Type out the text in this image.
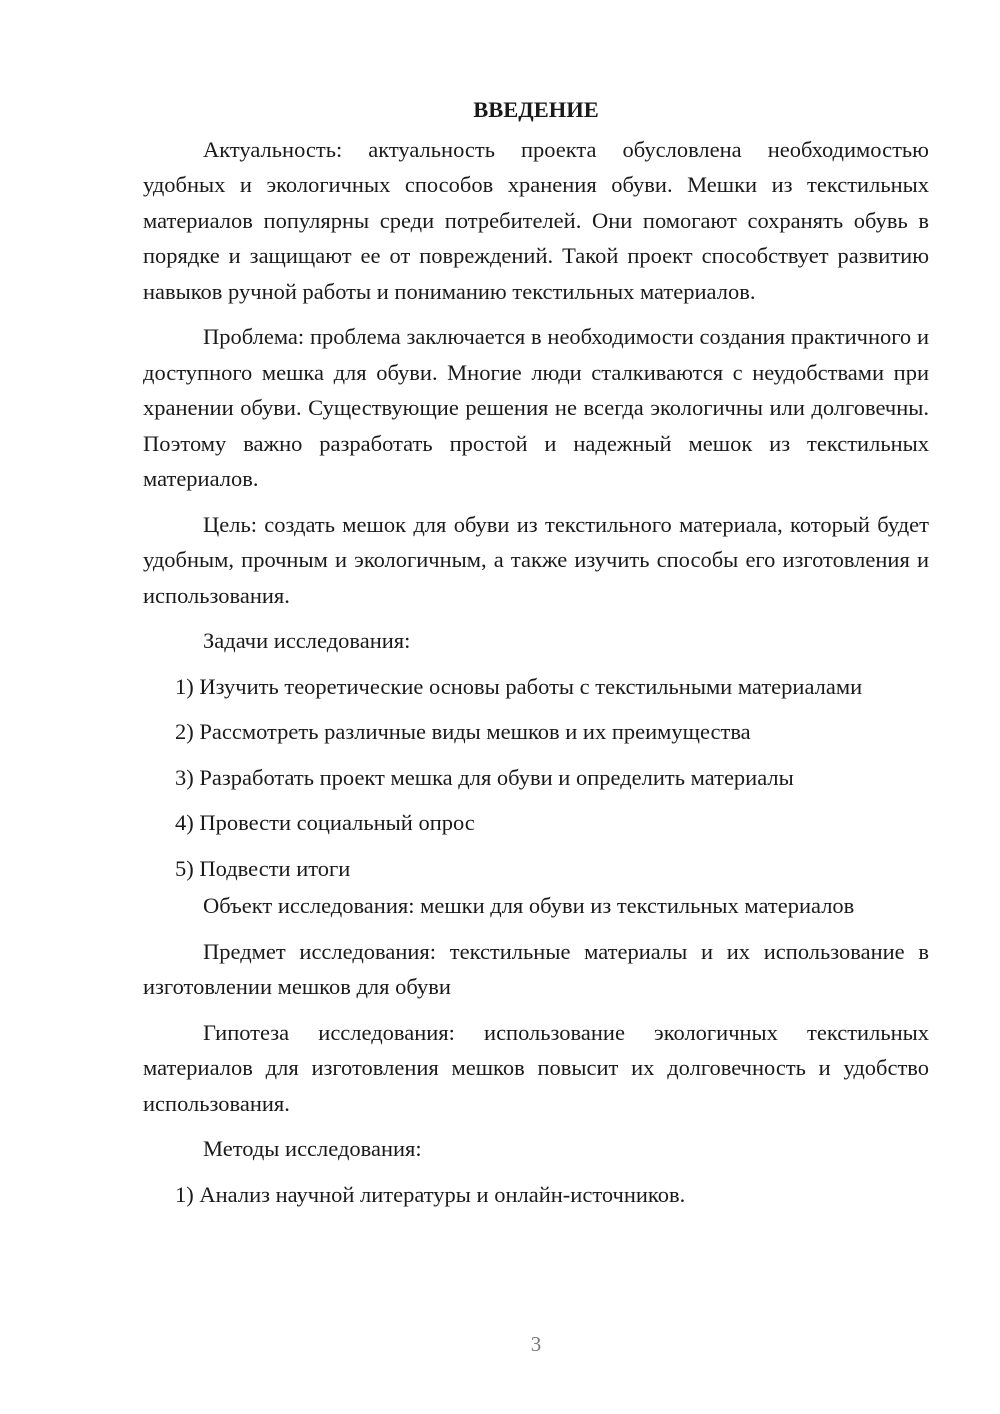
ВВЕДЕНИЕ

Актуальность: актуальность проекта обусловлена необходимостью удобных и экологичных способов хранения обуви. Мешки из текстильных материалов популярны среди потребителей. Они помогают сохранять обувь в порядке и защищают ее от повреждений. Такой проект способствует развитию навыков ручной работы и пониманию текстильных материалов.

Проблема: проблема заключается в необходимости создания практичного и доступного мешка для обуви. Многие люди сталкиваются с неудобствами при хранении обуви. Существующие решения не всегда экологичны или долговечны. Поэтому важно разработать простой и надежный мешок из текстильных материалов.

Цель: создать мешок для обуви из текстильного материала, который будет удобным, прочным и экологичным, а также изучить способы его изготовления и использования.

Задачи исследования:

1) Изучить теоретические основы работы с текстильными материалами

2) Рассмотреть различные виды мешков и их преимущества

3) Разработать проект мешка для обуви и определить материалы

4) Провести социальный опрос

5) Подвести итоги

Объект исследования: мешки для обуви из текстильных материалов

Предмет исследования: текстильные материалы и их использование в изготовлении мешков для обуви

Гипотеза исследования: использование экологичных текстильных материалов для изготовления мешков повысит их долговечность и удобство использования.

Методы исследования:

1) Анализ научной литературы и онлайн-источников.

3
